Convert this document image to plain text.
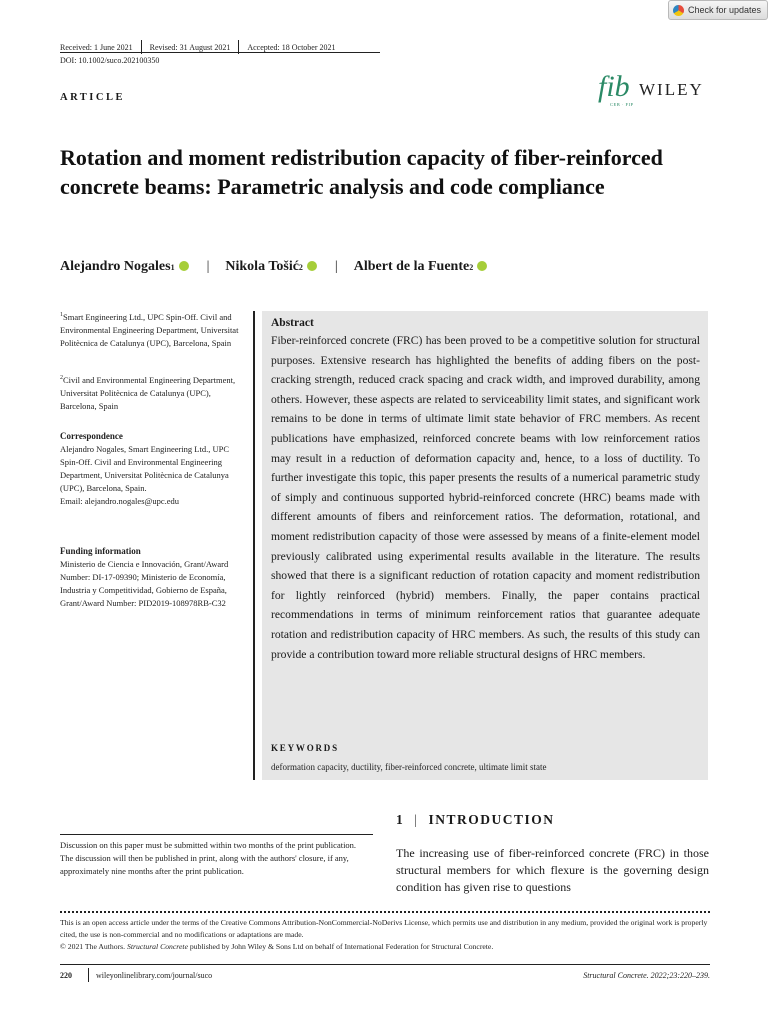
Check for updates
Received: 1 June 2021 Revised: 31 August 2021 Accepted: 18 October 2021
DOI: 10.1002/suco.202100350
ARTICLE	fib
CEB · FIP
WILEY
Rotation and moment redistribution capacity of fiber-reinforced concrete beams: Parametric analysis and code compliance
Alejandro Nogales 1 | Nikola Tošić 2 | Albert de la Fuente 2
$^1$Smart Engineering Ltd., UPC Spin-Off. Civil and Environmental Engineering Department, Universitat Politècnica de Catalunya (UPC), Barcelona, Spain
$^2$Civil and Environmental Engineering Department, Universitat Politècnica de Catalunya (UPC), Barcelona, Spain
Correspondence
Alejandro Nogales, Smart Engineering Ltd., UPC Spin-Off. Civil and Environmental Engineering Department, Universitat Politècnica de Catalunya (UPC), Barcelona, Spain.
Email: alejandro.nogales@upc.edu
Funding information
Ministerio de Ciencia e Innovación, Grant/Award Number: DI-17-09390; Ministerio de Economía, Industria y Competitividad, Gobierno de España, Grant/Award Number: PID2019-108978RB-C32
Abstract
Fiber-reinforced concrete (FRC) has been proved to be a competitive solution for structural purposes. Extensive research has highlighted the benefits of adding fibers on the post-cracking strength, reduced crack spacing and crack width, and improved durability, among others. However, these aspects are related to serviceability limit states, and significant work remains to be done in terms of ultimate limit state behavior of FRC members. As recent publications have emphasized, reinforced concrete beams with low reinforcement ratios may result in a reduction of deformation capacity and, hence, to a loss of ductility. To further investigate this topic, this paper presents the results of a numerical parametric study of simply and continuous supported hybrid-reinforced concrete (HRC) beams made with different amounts of fibers and reinforcement ratios. The deformation, rotational, and moment redistribution capacity of those were assessed by means of a finite-element model previously calibrated using experimental results available in the literature. The results showed that there is a significant reduction of rotation capacity and moment redistribution for lightly reinforced (hybrid) members. Finally, the paper contains practical recommendations in terms of minimum reinforcement ratios that guarantee adequate rotation and redistribution capacity of HRC members. As such, the results of this study can provide a contribution toward more reliable structural designs of HRC members.
KEYWORDS
deformation capacity, ductility, fiber-reinforced concrete, ultimate limit state
1 | INTRODUCTION
The increasing use of fiber-reinforced concrete (FRC) in those structural members for which flexure is the governing design condition has given rise to questions
Discussion on this paper must be submitted within two months of the print publication. The discussion will then be published in print, along with the authors' closure, if any, approximately nine months after the print publication.
This is an open access article under the terms of the Creative Commons Attribution-NonCommercial-NoDerivs License, which permits use and distribution in any medium, provided the original work is properly cited, the use is non-commercial and no modifications or adaptations are made.
© 2021 The Authors. Structural Concrete published by John Wiley & Sons Ltd on behalf of International Federation for Structural Concrete.
220	wileyonlinelibrary.com/journal/suco	Structural Concrete. 2022;23:220–239.
